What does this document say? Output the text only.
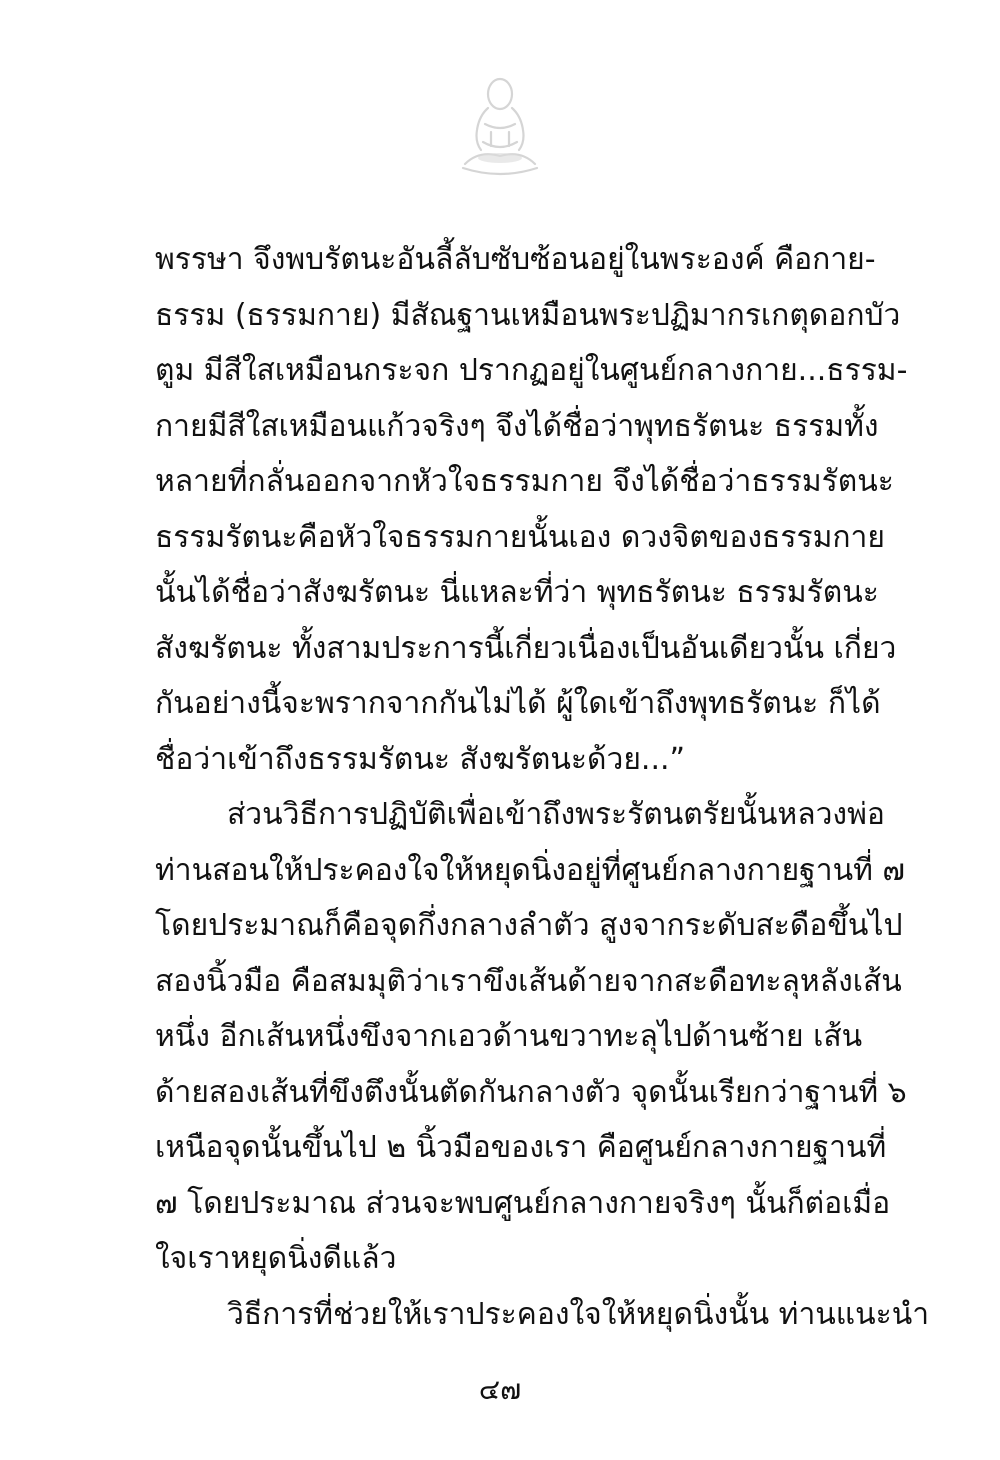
พรรษา จึงพบรัตนะอันลี้ลับซับซ้อนอยู่ในพระองค์ คือกาย-
ธรรม (ธรรมกาย) มีสัณฐานเหมือนพระปฏิมากรเกตุดอกบัว
ตูม มีสีใสเหมือนกระจก ปรากฏอยู่ในศูนย์กลางกาย...ธรรม-
กายมีสีใสเหมือนแก้วจริงๆ จึงได้ชื่อว่าพุทธรัตนะ ธรรมทั้ง
หลายที่กลั่นออกจากหัวใจธรรมกาย จึงได้ชื่อว่าธรรมรัตนะ
ธรรมรัตนะคือหัวใจธรรมกายนั้นเอง ดวงจิตของธรรมกาย
นั้นได้ชื่อว่าสังฆรัตนะ นี่แหละที่ว่า พุทธรัตนะ ธรรมรัตนะ
สังฆรัตนะ ทั้งสามประการนี้เกี่ยวเนื่องเป็นอันเดียวนั้น เกี่ยว
กันอย่างนี้จะพรากจากกันไม่ได้ ผู้ใดเข้าถึงพุทธรัตนะ ก็ได้
ชื่อว่าเข้าถึงธรรมรัตนะ สังฆรัตนะด้วย...”
ส่วนวิธีการปฏิบัติเพื่อเข้าถึงพระรัตนตรัยนั้นหลวงพ่อ
ท่านสอนให้ประคองใจให้หยุดนิ่งอยู่ที่ศูนย์กลางกายฐานที่ ๗
โดยประมาณก็คือจุดกึ่งกลางลำตัว สูงจากระดับสะดือขึ้นไป
สองนิ้วมือ คือสมมุติว่าเราขึงเส้นด้ายจากสะดือทะลุหลังเส้น
หนึ่ง อีกเส้นหนึ่งขึงจากเอวด้านขวาทะลุไปด้านซ้าย เส้น
ด้ายสองเส้นที่ขึงตึงนั้นตัดกันกลางตัว จุดนั้นเรียกว่าฐานที่ ๖
เหนือจุดนั้นขึ้นไป ๒ นิ้วมือของเรา คือศูนย์กลางกายฐานที่
๗ โดยประมาณ ส่วนจะพบศูนย์กลางกายจริงๆ นั้นก็ต่อเมื่อ
ใจเราหยุดนิ่งดีแล้ว
วิธีการที่ช่วยให้เราประคองใจให้หยุดนิ่งนั้น ท่านแนะนำ
๔๗
